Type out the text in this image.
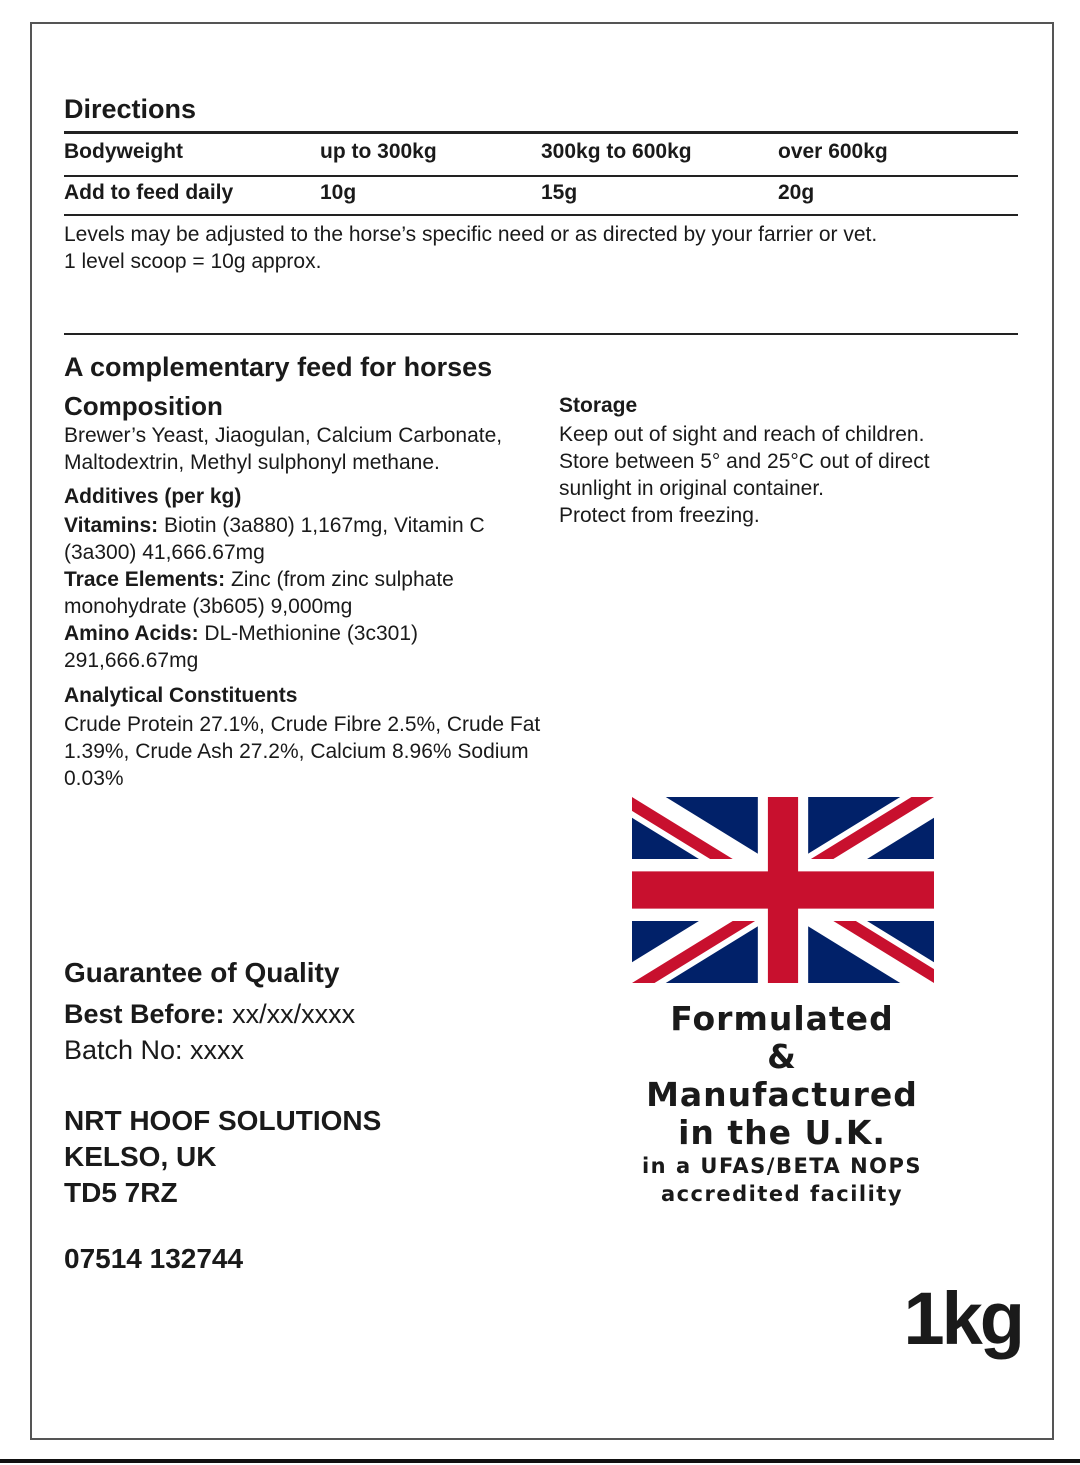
Directions
Bodyweight	up to 300kg	300kg to 600kg	over 600kg
Add to feed daily	10g	15g	20g
Levels may be adjusted to the horse’s specific need or as directed by your farrier or vet.
1 level scoop = 10g approx.
A complementary feed for horses
Composition
Brewer’s Yeast, Jiaogulan, Calcium Carbonate, Maltodextrin, Methyl sulphonyl methane.
Additives (per kg)
Vitamins: Biotin (3a880) 1,167mg, Vitamin C (3a300) 41,666.67mg
Trace Elements: Zinc (from zinc sulphate monohydrate (3b605) 9,000mg
Amino Acids: DL-Methionine (3c301) 291,666.67mg
Analytical Constituents
Crude Protein 27.1%, Crude Fibre 2.5%, Crude Fat 1.39%, Crude Ash 27.2%, Calcium 8.96% Sodium 0.03%
Storage
Keep out of sight and reach of children.
Store between 5° and 25°C out of direct
sunlight in original container.
Protect from freezing.
Formulated
&
Manufactured
in the U.K.
in a UFAS/BETA NOPS
accredited facility
Guarantee of Quality
Best Before: xx/xx/xxxx
Batch No: xxxx
NRT HOOF SOLUTIONS
KELSO, UK
TD5 7RZ
07514 132744
1kg
